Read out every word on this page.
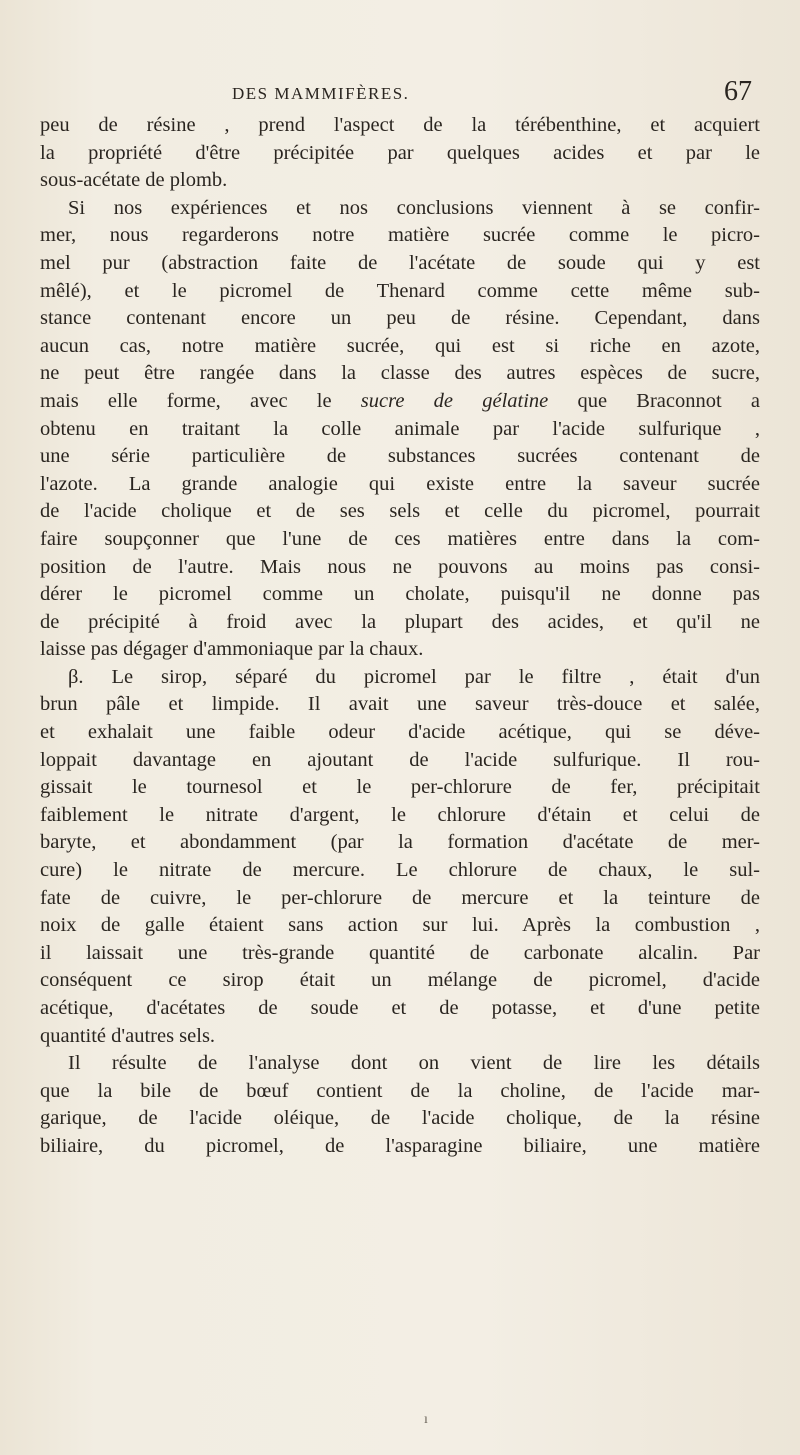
DES MAMMIFÈRES.	67
peu de résine , prend l'aspect de la térébenthine, et acquiert
la propriété d'être précipitée par quelques acides et par le
sous-acétate de plomb.
Si nos expériences et nos conclusions viennent à se confir-
mer, nous regarderons notre matière sucrée comme le picro-
mel pur (abstraction faite de l'acétate de soude qui y est
mêlé), et le picromel de Thenard comme cette même sub-
stance contenant encore un peu de résine. Cependant, dans
aucun cas, notre matière sucrée, qui est si riche en azote,
ne peut être rangée dans la classe des autres espèces de sucre,
mais elle forme, avec le sucre de gélatine que Braconnot a
obtenu en traitant la colle animale par l'acide sulfurique ,
une série particulière de substances sucrées contenant de
l'azote. La grande analogie qui existe entre la saveur sucrée
de l'acide cholique et de ses sels et celle du picromel, pourrait
faire soupçonner que l'une de ces matières entre dans la com-
position de l'autre. Mais nous ne pouvons au moins pas consi-
dérer le picromel comme un cholate, puisqu'il ne donne pas
de précipité à froid avec la plupart des acides, et qu'il ne
laisse pas dégager d'ammoniaque par la chaux.
β. Le sirop, séparé du picromel par le filtre , était d'un
brun pâle et limpide. Il avait une saveur très-douce et salée,
et exhalait une faible odeur d'acide acétique, qui se déve-
loppait davantage en ajoutant de l'acide sulfurique. Il rou-
gissait le tournesol et le per-chlorure de fer, précipitait
faiblement le nitrate d'argent, le chlorure d'étain et celui de
baryte, et abondamment (par la formation d'acétate de mer-
cure) le nitrate de mercure. Le chlorure de chaux, le sul-
fate de cuivre, le per-chlorure de mercure et la teinture de
noix de galle étaient sans action sur lui. Après la combustion ,
il laissait une très-grande quantité de carbonate alcalin. Par
conséquent ce sirop était un mélange de picromel, d'acide
acétique, d'acétates de soude et de potasse, et d'une petite
quantité d'autres sels.
Il résulte de l'analyse dont on vient de lire les détails
que la bile de bœuf contient de la choline, de l'acide mar-
garique, de l'acide oléique, de l'acide cholique, de la résine
biliaire, du picromel, de l'asparagine biliaire, une matière
ı
